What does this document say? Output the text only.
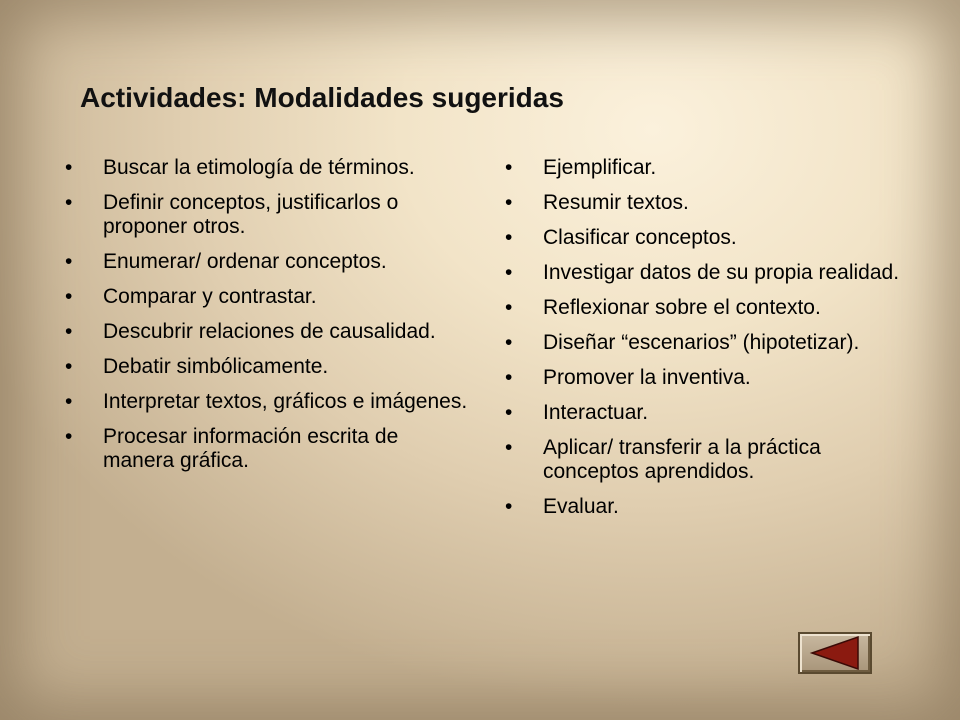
Actividades: Modalidades sugeridas
•	Buscar la etimología de términos.
•	Definir conceptos, justificarlos o proponer otros.
•	Enumerar/ ordenar conceptos.
•	Comparar y contrastar.
•	Descubrir relaciones de causalidad.
•	Debatir simbólicamente.
•	Interpretar textos, gráficos e imágenes.
•	Procesar información escrita de manera gráfica.
•	Ejemplificar.
•	Resumir textos.
•	Clasificar conceptos.
•	Investigar datos de su propia realidad.
•	Reflexionar sobre el contexto.
•	Diseñar “escenarios” (hipotetizar).
•	Promover la inventiva.
•	Interactuar.
•	Aplicar/ transferir a la práctica conceptos aprendidos.
•	Evaluar.
